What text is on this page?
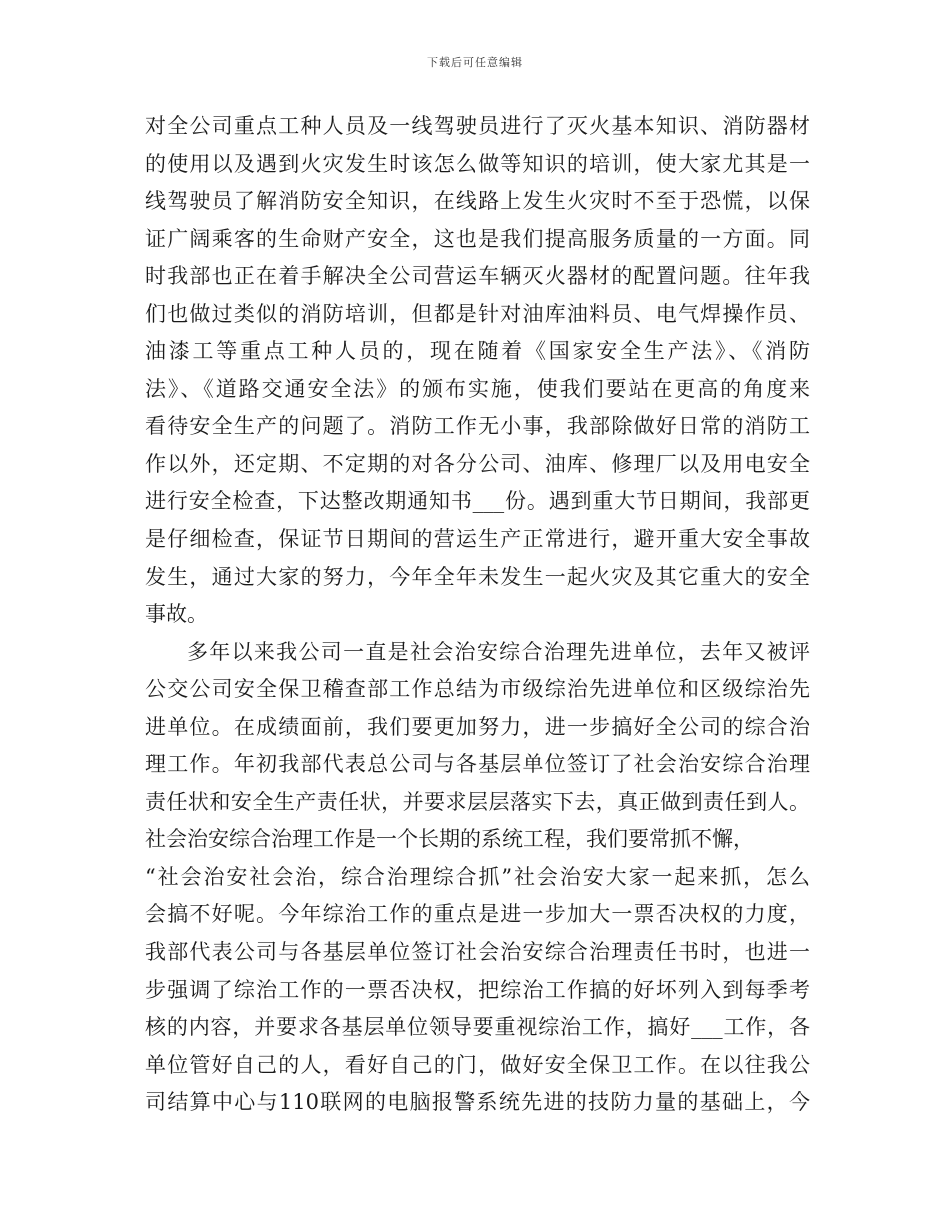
下载后可任意编辑
对全公司重点工种人员及一线驾驶员进行了灭火基本知识、消防器材
的使用以及遇到火灾发生时该怎么做等知识的培训，使大家尤其是一
线驾驶员了解消防安全知识，在线路上发生火灾时不至于恐慌，以保
证广阔乘客的生命财产安全，这也是我们提高服务质量的一方面。同
时我部也正在着手解决全公司营运车辆灭火器材的配置问题。往年我
们也做过类似的消防培训，但都是针对油库油料员、电气焊操作员、
油漆工等重点工种人员的，现在随着《国家安全生产法》、《消防
法》、《道路交通安全法》的颁布实施，使我们要站在更高的角度来
看待安全生产的问题了。消防工作无小事，我部除做好日常的消防工
作以外，还定期、不定期的对各分公司、油库、修理厂以及用电安全
进行安全检查，下达整改期通知书___份。遇到重大节日期间，我部更
是仔细检查，保证节日期间的营运生产正常进行，避开重大安全事故
发生，通过大家的努力，今年全年未发生一起火灾及其它重大的安全
事故。
多年以来我公司一直是社会治安综合治理先进单位，去年又被评
公交公司安全保卫稽查部工作总结为市级综治先进单位和区级综治先
进单位。在成绩面前，我们要更加努力，进一步搞好全公司的综合治
理工作。年初我部代表总公司与各基层单位签订了社会治安综合治理
责任状和安全生产责任状，并要求层层落实下去，真正做到责任到人。
社会治安综合治理工作是一个长期的系统工程，我们要常抓不懈，
“社会治安社会治，综合治理综合抓”社会治安大家一起来抓，怎么
会搞不好呢。今年综治工作的重点是进一步加大一票否决权的力度，
我部代表公司与各基层单位签订社会治安综合治理责任书时，也进一
步强调了综治工作的一票否决权，把综治工作搞的好坏列入到每季考
核的内容，并要求各基层单位领导要重视综治工作，搞好___工作，各
单位管好自己的人，看好自己的门，做好安全保卫工作。在以往我公
司结算中心与110联网的电脑报警系统先进的技防力量的基础上，今
